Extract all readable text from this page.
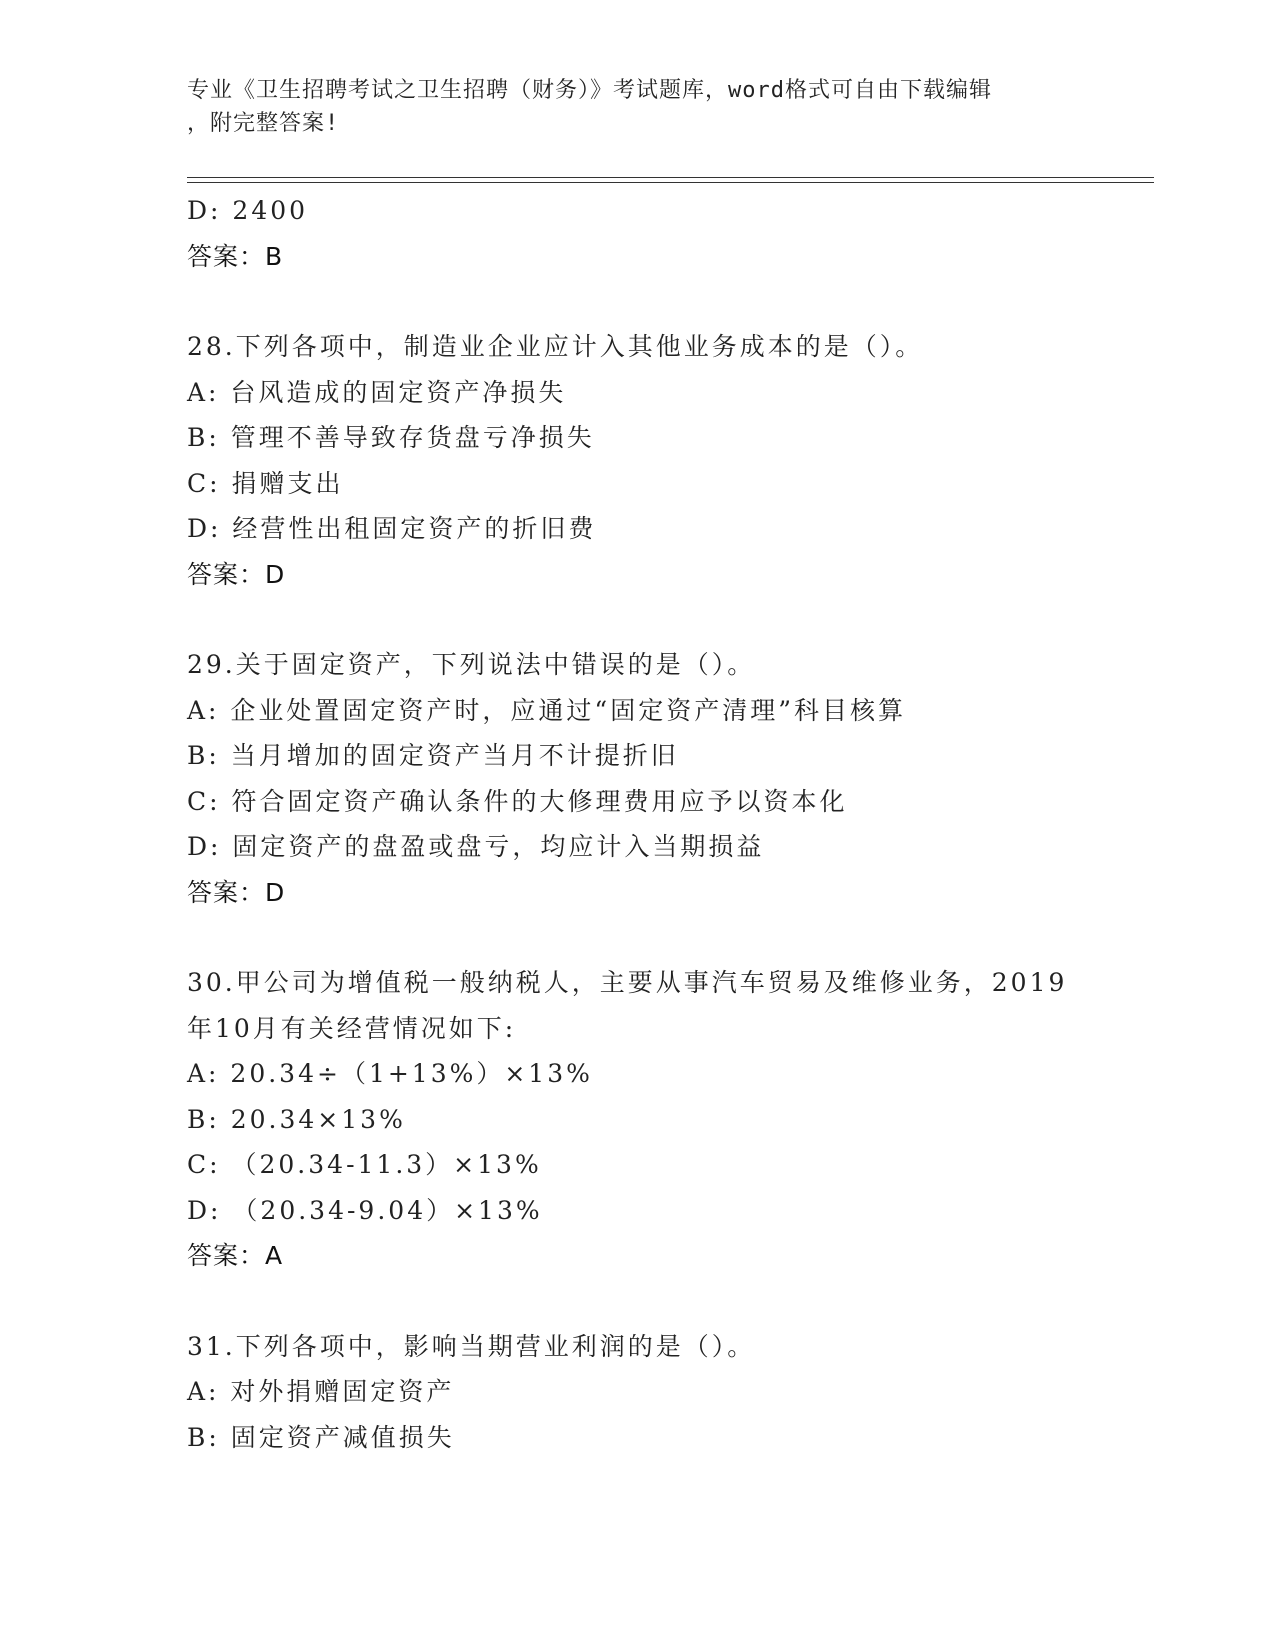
专业《卫生招聘考试之卫生招聘（财务）》考试题库，word格式可自由下载编辑
，附完整答案!
D: 2400
答案：B
28.下列各项中，制造业企业应计入其他业务成本的是（）。
A: 台风造成的固定资产净损失
B: 管理不善导致存货盘亏净损失
C: 捐赠支出
D: 经营性出租固定资产的折旧费
答案：D
29.关于固定资产，下列说法中错误的是（）。
A: 企业处置固定资产时，应通过“固定资产清理”科目核算
B: 当月增加的固定资产当月不计提折旧
C: 符合固定资产确认条件的大修理费用应予以资本化
D: 固定资产的盘盈或盘亏，均应计入当期损益
答案：D
30.甲公司为增值税一般纳税人，主要从事汽车贸易及维修业务，2019
年10月有关经营情况如下:
A: 20.34÷（1+13%）×13%
B: 20.34×13%
C: （20.34-11.3）×13%
D: （20.34-9.04）×13%
答案：A
31.下列各项中，影响当期营业利润的是（）。
A: 对外捐赠固定资产
B: 固定资产减值损失
